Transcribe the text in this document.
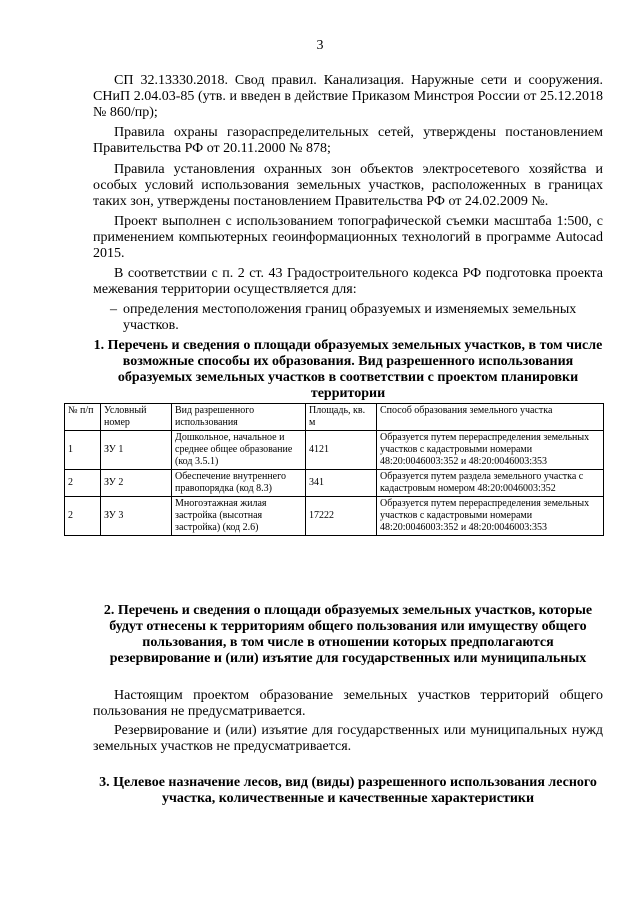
3

СП 32.13330.2018. Свод правил. Канализация. Наружные сети и сооружения. СНиП 2.04.03-85 (утв. и введен в действие Приказом Минстроя России от 25.12.2018 № 860/пр);

Правила охраны газораспределительных сетей, утверждены постановлением Правительства РФ от 20.11.2000 № 878;

Правила установления охранных зон объектов электросетевого хозяйства и особых условий использования земельных участков, расположенных в границах таких зон, утверждены постановлением Правительства РФ от 24.02.2009 №.

Проект выполнен с использованием топографической съемки масштаба 1:500, с применением компьютерных геоинформационных технологий в программе Autocad 2015.

В соответствии с п. 2 ст. 43 Градостроительного кодекса РФ подготовка проекта межевания территории осуществляется для:

– определения местоположения границ образуемых и изменяемых земельных участков.

1. Перечень и сведения о площади образуемых земельных участков, в том числе возможные способы их образования. Вид разрешенного использования образуемых земельных участков в соответствии с проектом планировки территории

№ п/п	Условный номер	Вид разрешенного использования	Площадь, кв. м	Способ образования земельного участка
1	ЗУ 1	Дошкольное, начальное и среднее общее образование (код 3.5.1)	4121	Образуется путем перераспределения земельных участков с кадастровыми номерами 48:20:0046003:352 и 48:20:0046003:353
2	ЗУ 2	Обеспечение внутреннего правопорядка (код 8.3)	341	Образуется путем раздела земельного участка с кадастровым номером 48:20:0046003:352
2	ЗУ 3	Многоэтажная жилая застройка (высотная застройка) (код 2.6)	17222	Образуется путем перераспределения земельных участков с кадастровыми номерами 48:20:0046003:352 и 48:20:0046003:353

2. Перечень и сведения о площади образуемых земельных участков, которые будут отнесены к территориям общего пользования или имуществу общего пользования, в том числе в отношении которых предполагаются резервирование и (или) изъятие для государственных или муниципальных

Настоящим проектом образование земельных участков территорий общего пользования не предусматривается.

Резервирование и (или) изъятие для государственных или муниципальных нужд земельных участков не предусматривается.

3. Целевое назначение лесов, вид (виды) разрешенного использования лесного участка, количественные и качественные характеристики
